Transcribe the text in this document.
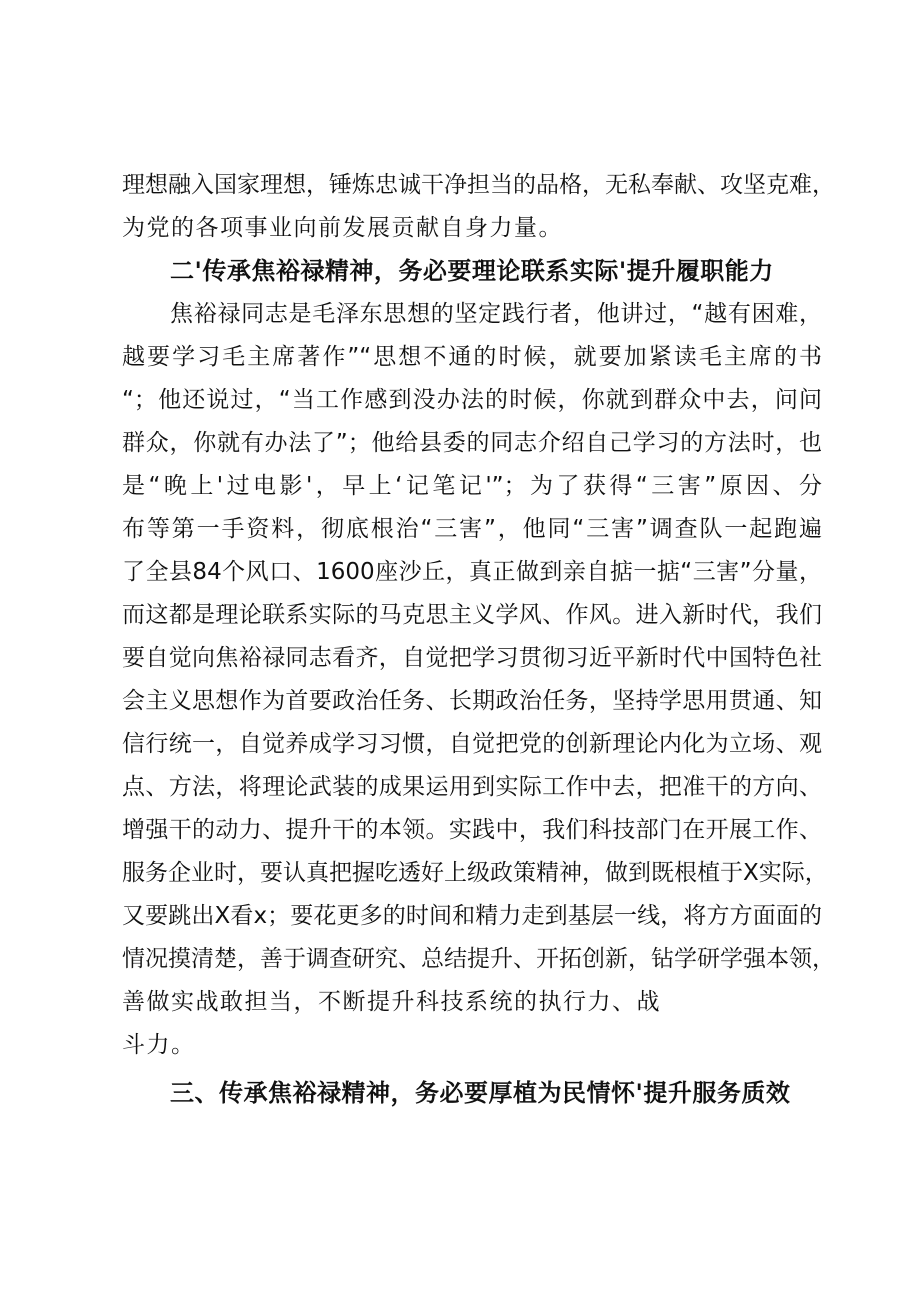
理想融入国家理想，锤炼忠诚干净担当的品格，无私奉献、攻坚克难，
为党的各项事业向前发展贡献自身力量。
二'传承焦裕禄精神，务必要理论联系实际'提升履职能力
焦裕禄同志是毛泽东思想的坚定践行者，他讲过，“越有困难，
越要学习毛主席著作”“思想不通的时候，就要加紧读毛主席的书
“；他还说过，“当工作感到没办法的时候，你就到群众中去，问问
群众，你就有办法了”；他给县委的同志介绍自己学习的方法时，也
是“晚上'过电影'，早上‘记笔记'”；为了获得“三害”原因、分
布等第一手资料，彻底根治“三害”，他同“三害”调查队一起跑遍
了全县84个风口、1600座沙丘，真正做到亲自掂一掂“三害”分量，
而这都是理论联系实际的马克思主义学风、作风。进入新时代，我们
要自觉向焦裕禄同志看齐，自觉把学习贯彻习近平新时代中国特色社
会主义思想作为首要政治任务、长期政治任务，坚持学思用贯通、知
信行统一，自觉养成学习习惯，自觉把党的创新理论内化为立场、观
点、方法，将理论武装的成果运用到实际工作中去，把准干的方向、
增强干的动力、提升干的本领。实践中，我们科技部门在开展工作、
服务企业时，要认真把握吃透好上级政策精神，做到既根植于X实际，
又要跳出X看x；要花更多的时间和精力走到基层一线，将方方面面的
情况摸清楚，善于调查研究、总结提升、开拓创新，钻学研学强本领，
善做实战敢担当，不断提升科技系统的执行力、战
斗力。
三、传承焦裕禄精神，务必要厚植为民情怀'提升服务质效
